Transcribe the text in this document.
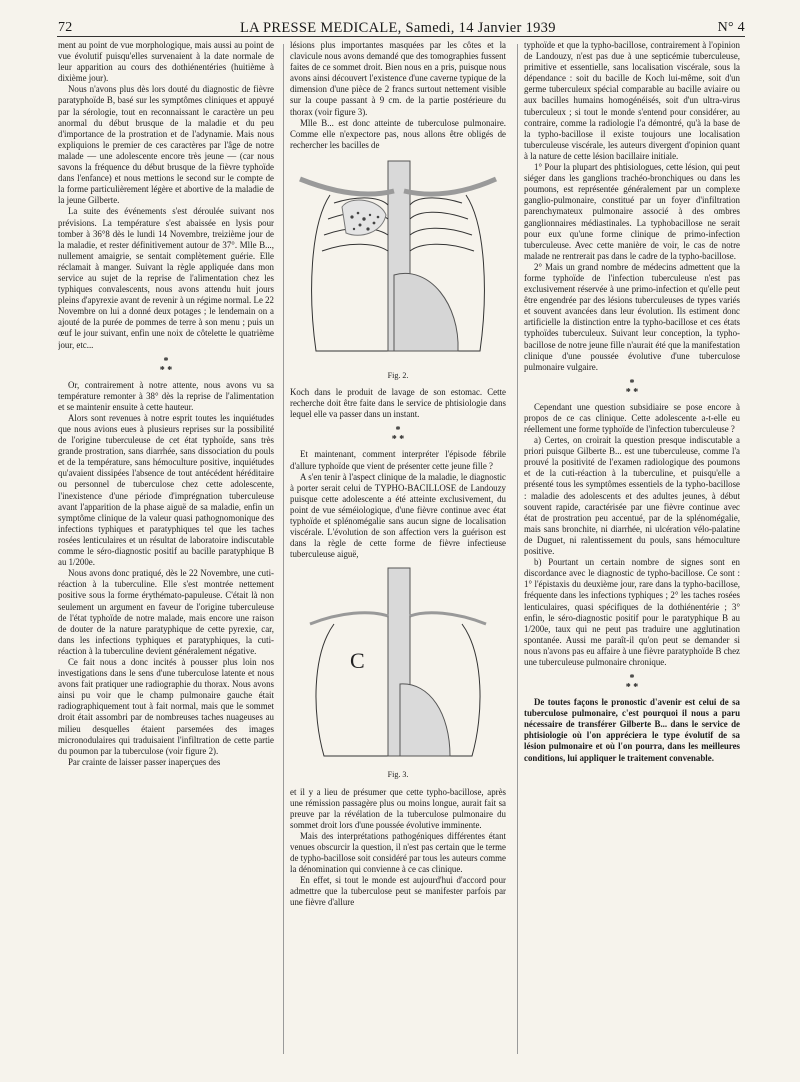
72	LA PRESSE MEDICALE, Samedi, 14 Janvier 1939	N° 4

ment au point de vue morphologique, mais aussi au point de vue évolutif puisqu'elles survenaient à la date normale de leur apparition au cours des dothiénentéries (huitième à dixième jour).

Nous n'avons plus dès lors douté du diagnostic de fièvre paratyphoïde B, basé sur les symptômes cliniques et appuyé par la sérologie, tout en reconnaissant le caractère un peu anormal du début brusque de la maladie et du peu d'importance de la prostration et de l'adynamie. Mais nous expliquions le premier de ces caractères par l'âge de notre malade — une adolescente encore très jeune — (car nous savons la fréquence du début brusque de la fièvre typhoïde dans l'enfance) et nous mettions le second sur le compte de la forme particulièrement légère et abortive de la maladie de la jeune Gilberte.

La suite des événements s'est déroulée suivant nos prévisions. La température s'est abaissée en lysis pour tomber à 36°8 dès le lundi 14 Novembre, treizième jour de la maladie, et rester définitivement autour de 37°. Mlle B..., nullement amaigrie, se sentait complètement guérie. Elle réclamait à manger. Suivant la règle appliquée dans mon service au sujet de la reprise de l'alimentation chez les typhiques convalescents, nous avons attendu huit jours pleins d'apyrexie avant de revenir à un régime normal. Le 22 Novembre on lui a donné deux potages ; le lendemain on a ajouté de la purée de pommes de terre à son menu ; puis un œuf le jour suivant, enfin une noix de côtelette le quatrième jour, etc...

*
* *

Or, contrairement à notre attente, nous avons vu sa température remonter à 38° dès la reprise de l'alimentation et se maintenir ensuite à cette hauteur.

Alors sont revenues à notre esprit toutes les inquiétudes que nous avions eues à plusieurs reprises sur la possibilité de l'origine tuberculeuse de cet état typhoïde, sans très grande prostration, sans diarrhée, sans dissociation du pouls et de la température, sans hémoculture positive, inquiétudes qu'avaient dissipées l'absence de tout antécédent héréditaire ou personnel de tuberculose chez cette adolescente, l'inexistence d'une période d'imprégnation tuberculeuse avant l'apparition de la phase aiguë de sa maladie, enfin un symptôme clinique de la valeur quasi pathognomonique des infections typhiques et paratyphiques tel que les taches rosées lenticulaires et un résultat de laboratoire indiscutable comme le séro-diagnostic positif au bacille paratyphique B au 1/200e.

Nous avons donc pratiqué, dès le 22 Novembre, une cuti-réaction à la tuberculine. Elle s'est montrée nettement positive sous la forme érythémato-papuleuse. C'était là non seulement un argument en faveur de l'origine tuberculeuse de l'état typhoïde de notre malade, mais encore une raison de douter de la nature paratyphique de cette pyrexie, car, dans les infections typhiques et paratyphiques, la cuti-réaction à la tuberculine devient généralement négative.

Ce fait nous a donc incités à pousser plus loin nos investigations dans le sens d'une tuberculose latente et nous avons fait pratiquer une radiographie du thorax. Nous avons ainsi pu voir que le champ pulmonaire gauche était radiographiquement tout à fait normal, mais que le sommet droit était assombri par de nombreuses taches nuageuses au milieu desquelles étaient parsemées des images micronodulaires qui traduisaient l'infiltration de cette partie du poumon par la tuberculose (voir figure 2).

Par crainte de laisser passer inaperçues des

lésions plus importantes masquées par les côtes et la clavicule nous avons demandé que des tomographies fussent faites de ce sommet droit. Bien nous en a pris, puisque nous avons ainsi découvert l'existence d'une caverne typique de la dimension d'une pièce de 2 francs surtout nettement visible sur la coupe passant à 9 cm. de la partie postérieure du thorax (voir figure 3).

Mlle B... est donc atteinte de tuberculose pulmonaire. Comme elle n'expectore pas, nous allons être obligés de rechercher les bacilles de

Fig. 2.

Koch dans le produit de lavage de son estomac. Cette recherche doit être faite dans le service de phtisiologie dans lequel elle va passer dans un instant.

*
* *

Et maintenant, comment interpréter l'épisode fébrile d'allure typhoïde que vient de présenter cette jeune fille ?

A s'en tenir à l'aspect clinique de la maladie, le diagnostic à porter serait celui de TYPHO-BACILLOSE de Landouzy puisque cette adolescente a été atteinte exclusivement, du point de vue séméiologique, d'une fièvre continue avec état typhoïde et splénomégalie sans aucun signe de localisation viscérale. L'évolution de son affection vers la guérison est dans la règle de cette forme de fièvre infectieuse tuberculeuse aiguë,

C
Fig. 3.

et il y a lieu de présumer que cette typho-bacillose, après une rémission passagère plus ou moins longue, aurait fait sa preuve par la révélation de la tuberculose pulmonaire du sommet droit lors d'une poussée évolutive imminente.

Mais des interprétations pathogéniques différentes étant venues obscurcir la question, il n'est pas certain que le terme de typho-bacillose soit considéré par tous les auteurs comme la dénomination qui convienne à ce cas clinique.

En effet, si tout le monde est aujourd'hui d'accord pour admettre que la tuberculose peut se manifester parfois par une fièvre d'allure

typhoïde et que la typho-bacillose, contrairement à l'opinion de Landouzy, n'est pas due à une septicémie tuberculeuse, primitive et essentielle, sans localisation viscérale, sous la dépendance : soit du bacille de Koch lui-même, soit d'un germe tuberculeux spécial comparable au bacille aviaire ou aux bacilles humains homogénéisés, soit d'un ultra-virus tuberculeux ; si tout le monde s'entend pour considérer, au contraire, comme la radiologie l'a démontré, qu'à la base de la typho-bacillose il existe toujours une localisation tuberculeuse viscérale, les auteurs divergent d'opinion quant à la nature de cette lésion bacillaire initiale.

1° Pour la plupart des phtisiologues, cette lésion, qui peut siéger dans les ganglions trachéo-bronchiques ou dans les poumons, est représentée généralement par un complexe ganglio-pulmonaire, constitué par un foyer d'infiltration parenchymateux pulmonaire associé à des ombres ganglionnaires médiastinales. La typhobacillose ne serait pour eux qu'une forme clinique de primo-infection tuberculeuse. Avec cette manière de voir, le cas de notre malade ne rentrerait pas dans le cadre de la typho-bacillose.

2° Mais un grand nombre de médecins admettent que la forme typhoïde de l'infection tuberculeuse n'est pas exclusivement réservée à une primo-infection et qu'elle peut être engendrée par des lésions tuberculeuses de types variés et souvent avancées dans leur évolution. Ils estiment donc artificielle la distinction entre la typho-bacillose et ces états typhoïdes tuberculeux. Suivant leur conception, la typho-bacillose de notre jeune fille n'aurait été que la manifestation clinique d'une poussée évolutive d'une tuberculose pulmonaire vulgaire.

*
* *

Cependant une question subsidiaire se pose encore à propos de ce cas clinique. Cette adolescente a-t-elle eu réellement une forme typhoïde de l'infection tuberculeuse ?

a) Certes, on croirait la question presque indiscutable a priori puisque Gilberte B... est une tuberculeuse, comme l'a prouvé la positivité de l'examen radiologique des poumons et de la cuti-réaction à la tuberculine, et puisqu'elle a présenté tous les symptômes essentiels de la typho-bacillose : maladie des adolescents et des adultes jeunes, à début souvent rapide, caractérisée par une fièvre continue avec état de prostration peu accentué, par de la splénomégalie, mais sans bronchite, ni diarrhée, ni ulcération vélo-palatine de Duguet, ni ralentissement du pouls, sans hémoculture positive.

b) Pourtant un certain nombre de signes sont en discordance avec le diagnostic de typho-bacillose. Ce sont : 1° l'épistaxis du deuxième jour, rare dans la typho-bacillose, fréquente dans les infections typhiques ; 2° les taches rosées lenticulaires, quasi spécifiques de la dothiénentérie ; 3° enfin, le séro-diagnostic positif pour le paratyphique B au 1/200e, taux qui ne peut pas traduire une agglutination spontanée. Aussi me paraît-il qu'on peut se demander si nous n'avons pas eu affaire à une fièvre paratyphoïde B chez une tuberculeuse pulmonaire chronique.

*
* *

De toutes façons le pronostic d'avenir est celui de sa tuberculose pulmonaire, c'est pourquoi il nous a paru nécessaire de transférer Gilberte B... dans le service de phtisiologie où l'on appréciera le type évolutif de sa lésion pulmonaire et où l'on pourra, dans les meilleures conditions, lui appliquer le traitement convenable.
